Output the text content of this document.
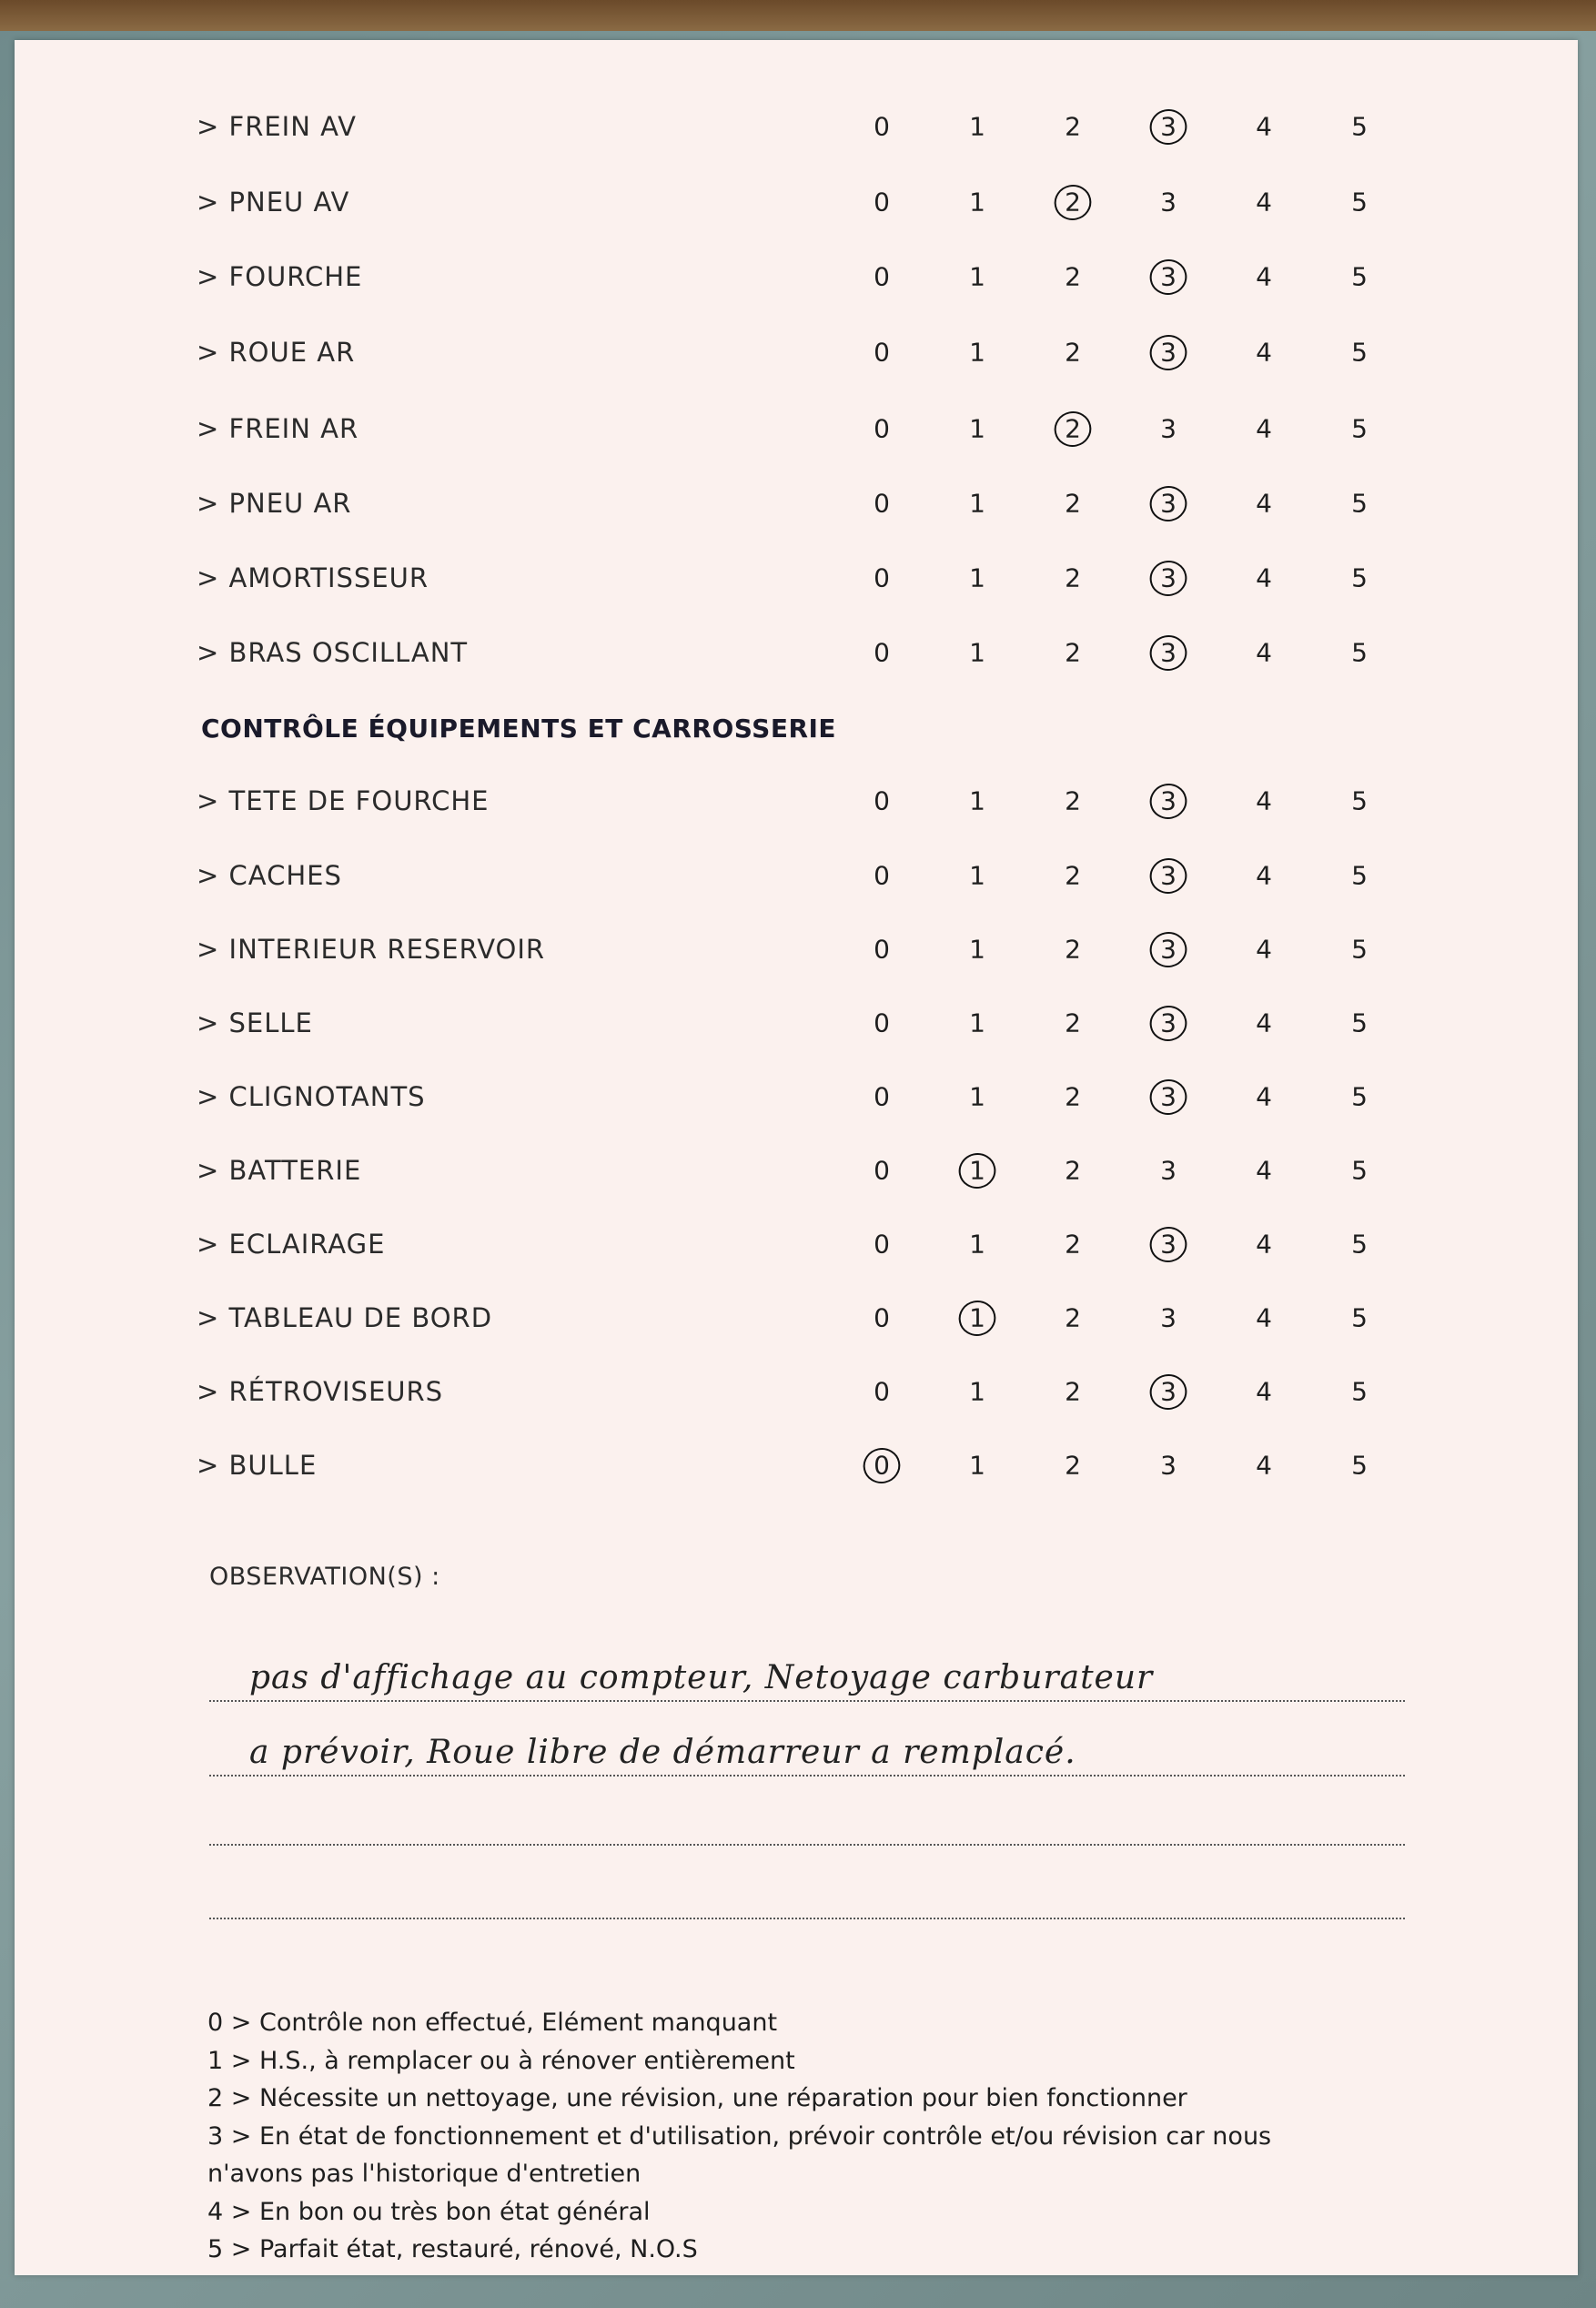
CONTRÔLE ÉQUIPEMENTS ET CARROSSERIE
> FREIN AV	0	1	2	3	4	5
> PNEU AV	0	1	2	3	4	5
> FOURCHE	0	1	2	3	4	5
> ROUE AR	0	1	2	3	4	5
> FREIN AR	0	1	2	3	4	5
> PNEU AR	0	1	2	3	4	5
> AMORTISSEUR	0	1	2	3	4	5
> BRAS OSCILLANT	0	1	2	3	4	5
> TETE DE FOURCHE	0	1	2	3	4	5
> CACHES	0	1	2	3	4	5
> INTERIEUR RESERVOIR	0	1	2	3	4	5
> SELLE	0	1	2	3	4	5
> CLIGNOTANTS	0	1	2	3	4	5
> BATTERIE	0	1	2	3	4	5
> ECLAIRAGE	0	1	2	3	4	5
> TABLEAU DE BORD	0	1	2	3	4	5
> RÉTROVISEURS	0	1	2	3	4	5
> BULLE	0	1	2	3	4	5
OBSERVATION(S) :
pas d'affichage au compteur, Netoyage carburateur
a prévoir, Roue libre de démarreur a remplacé.
0 > Contrôle non effectué, Elément manquant
1 > H.S., à remplacer ou à rénover entièrement
2 > Nécessite un nettoyage, une révision, une réparation pour bien fonctionner
3 > En état de fonctionnement et d'utilisation, prévoir contrôle et/ou révision car nous
n'avons pas l'historique d'entretien
4 > En bon ou très bon état général
5 > Parfait état, restauré, rénové, N.O.S
